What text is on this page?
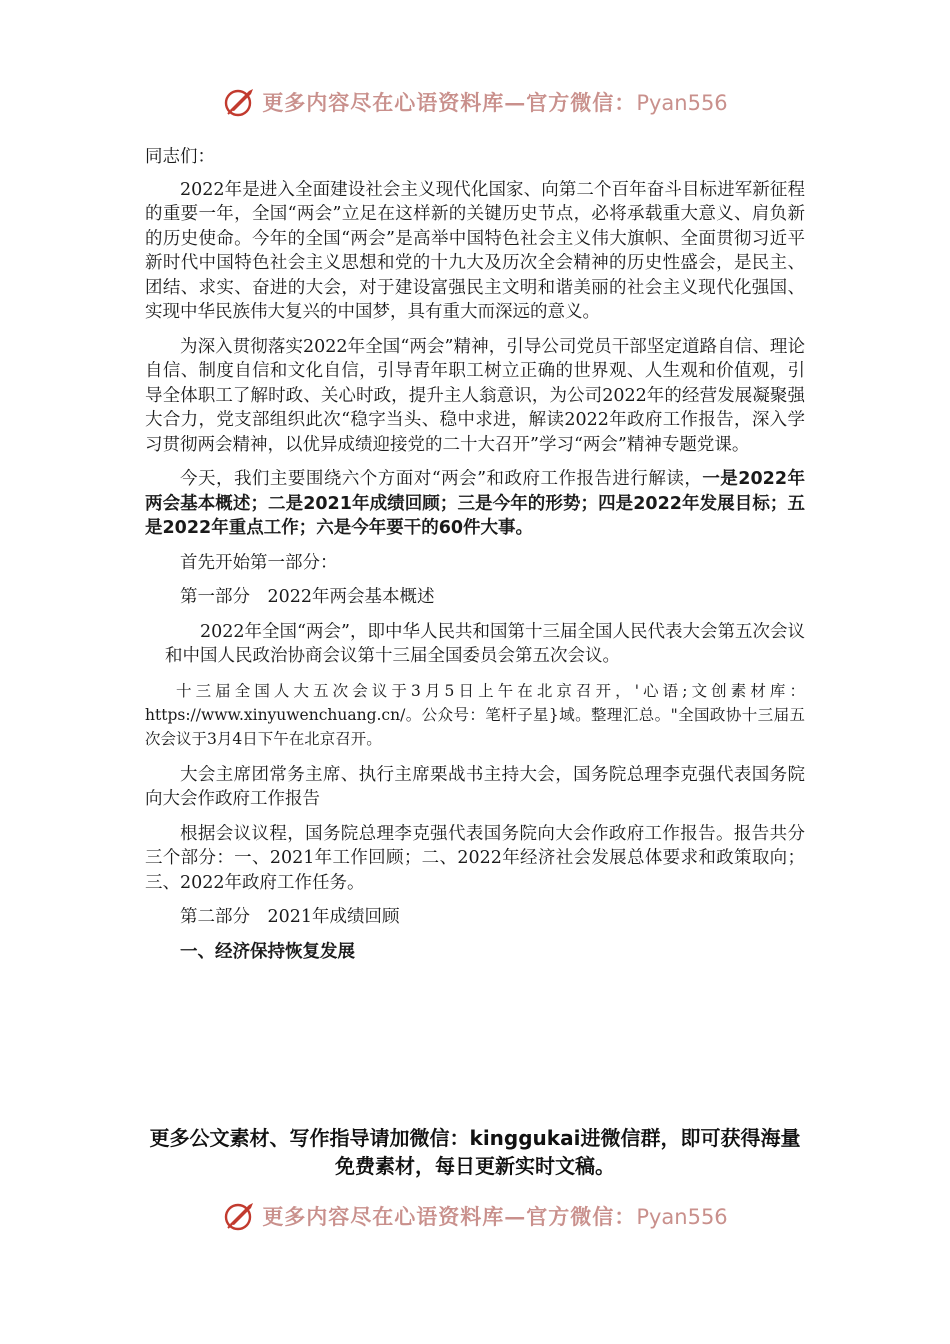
更多内容尽在心语资料库—官方微信：Pyan556

同志们：

2022年是进入全面建设社会主义现代化国家、向第二个百年奋斗目标进军新征程的重要一年，全国“两会”立足在这样新的关键历史节点，必将承载重大意义、肩负新的历史使命。今年的全国“两会”是高举中国特色社会主义伟大旗帜、全面贯彻习近平新时代中国特色社会主义思想和党的十九大及历次全会精神的历史性盛会，是民主、团结、求实、奋进的大会，对于建设富强民主文明和谐美丽的社会主义现代化强国、实现中华民族伟大复兴的中国梦，具有重大而深远的意义。

为深入贯彻落实2022年全国“两会”精神，引导公司党员干部坚定道路自信、理论自信、制度自信和文化自信，引导青年职工树立正确的世界观、人生观和价值观，引导全体职工了解时政、关心时政，提升主人翁意识，为公司2022年的经营发展凝聚强大合力，党支部组织此次“稳字当头、稳中求进，解读2022年政府工作报告，深入学习贯彻两会精神，以优异成绩迎接党的二十大召开”学习“两会”精神专题党课。

今天，我们主要围绕六个方面对“两会”和政府工作报告进行解读，一是2022年两会基本概述；二是2021年成绩回顾；三是今年的形势；四是2022年发展目标；五是2022年重点工作；六是今年要干的60件大事。

首先开始第一部分：

第一部分　2022年两会基本概述

2022年全国“两会”，即中华人民共和国第十三届全国人民代表大会第五次会议和中国人民政治协商会议第十三届全国委员会第五次会议。

十三届全国人大五次会议于3月5日上午在北京召开，'心语;文创素材库：https://www.xinyuwenchuang.cn/。公众号：笔杆子星}域。整理汇总。"全国政协十三届五次会议于3月4日下午在北京召开。

大会主席团常务主席、执行主席栗战书主持大会，国务院总理李克强代表国务院向大会作政府工作报告

根据会议议程，国务院总理李克强代表国务院向大会作政府工作报告。报告共分三个部分：一、2021年工作回顾；二、2022年经济社会发展总体要求和政策取向；三、2022年政府工作任务。

第二部分　2021年成绩回顾

一、经济保持恢复发展

更多公文素材、写作指导请加微信：kinggukai进微信群，即可获得海量免费素材，每日更新实时文稿。
更多内容尽在心语资料库—官方微信：Pyan556
